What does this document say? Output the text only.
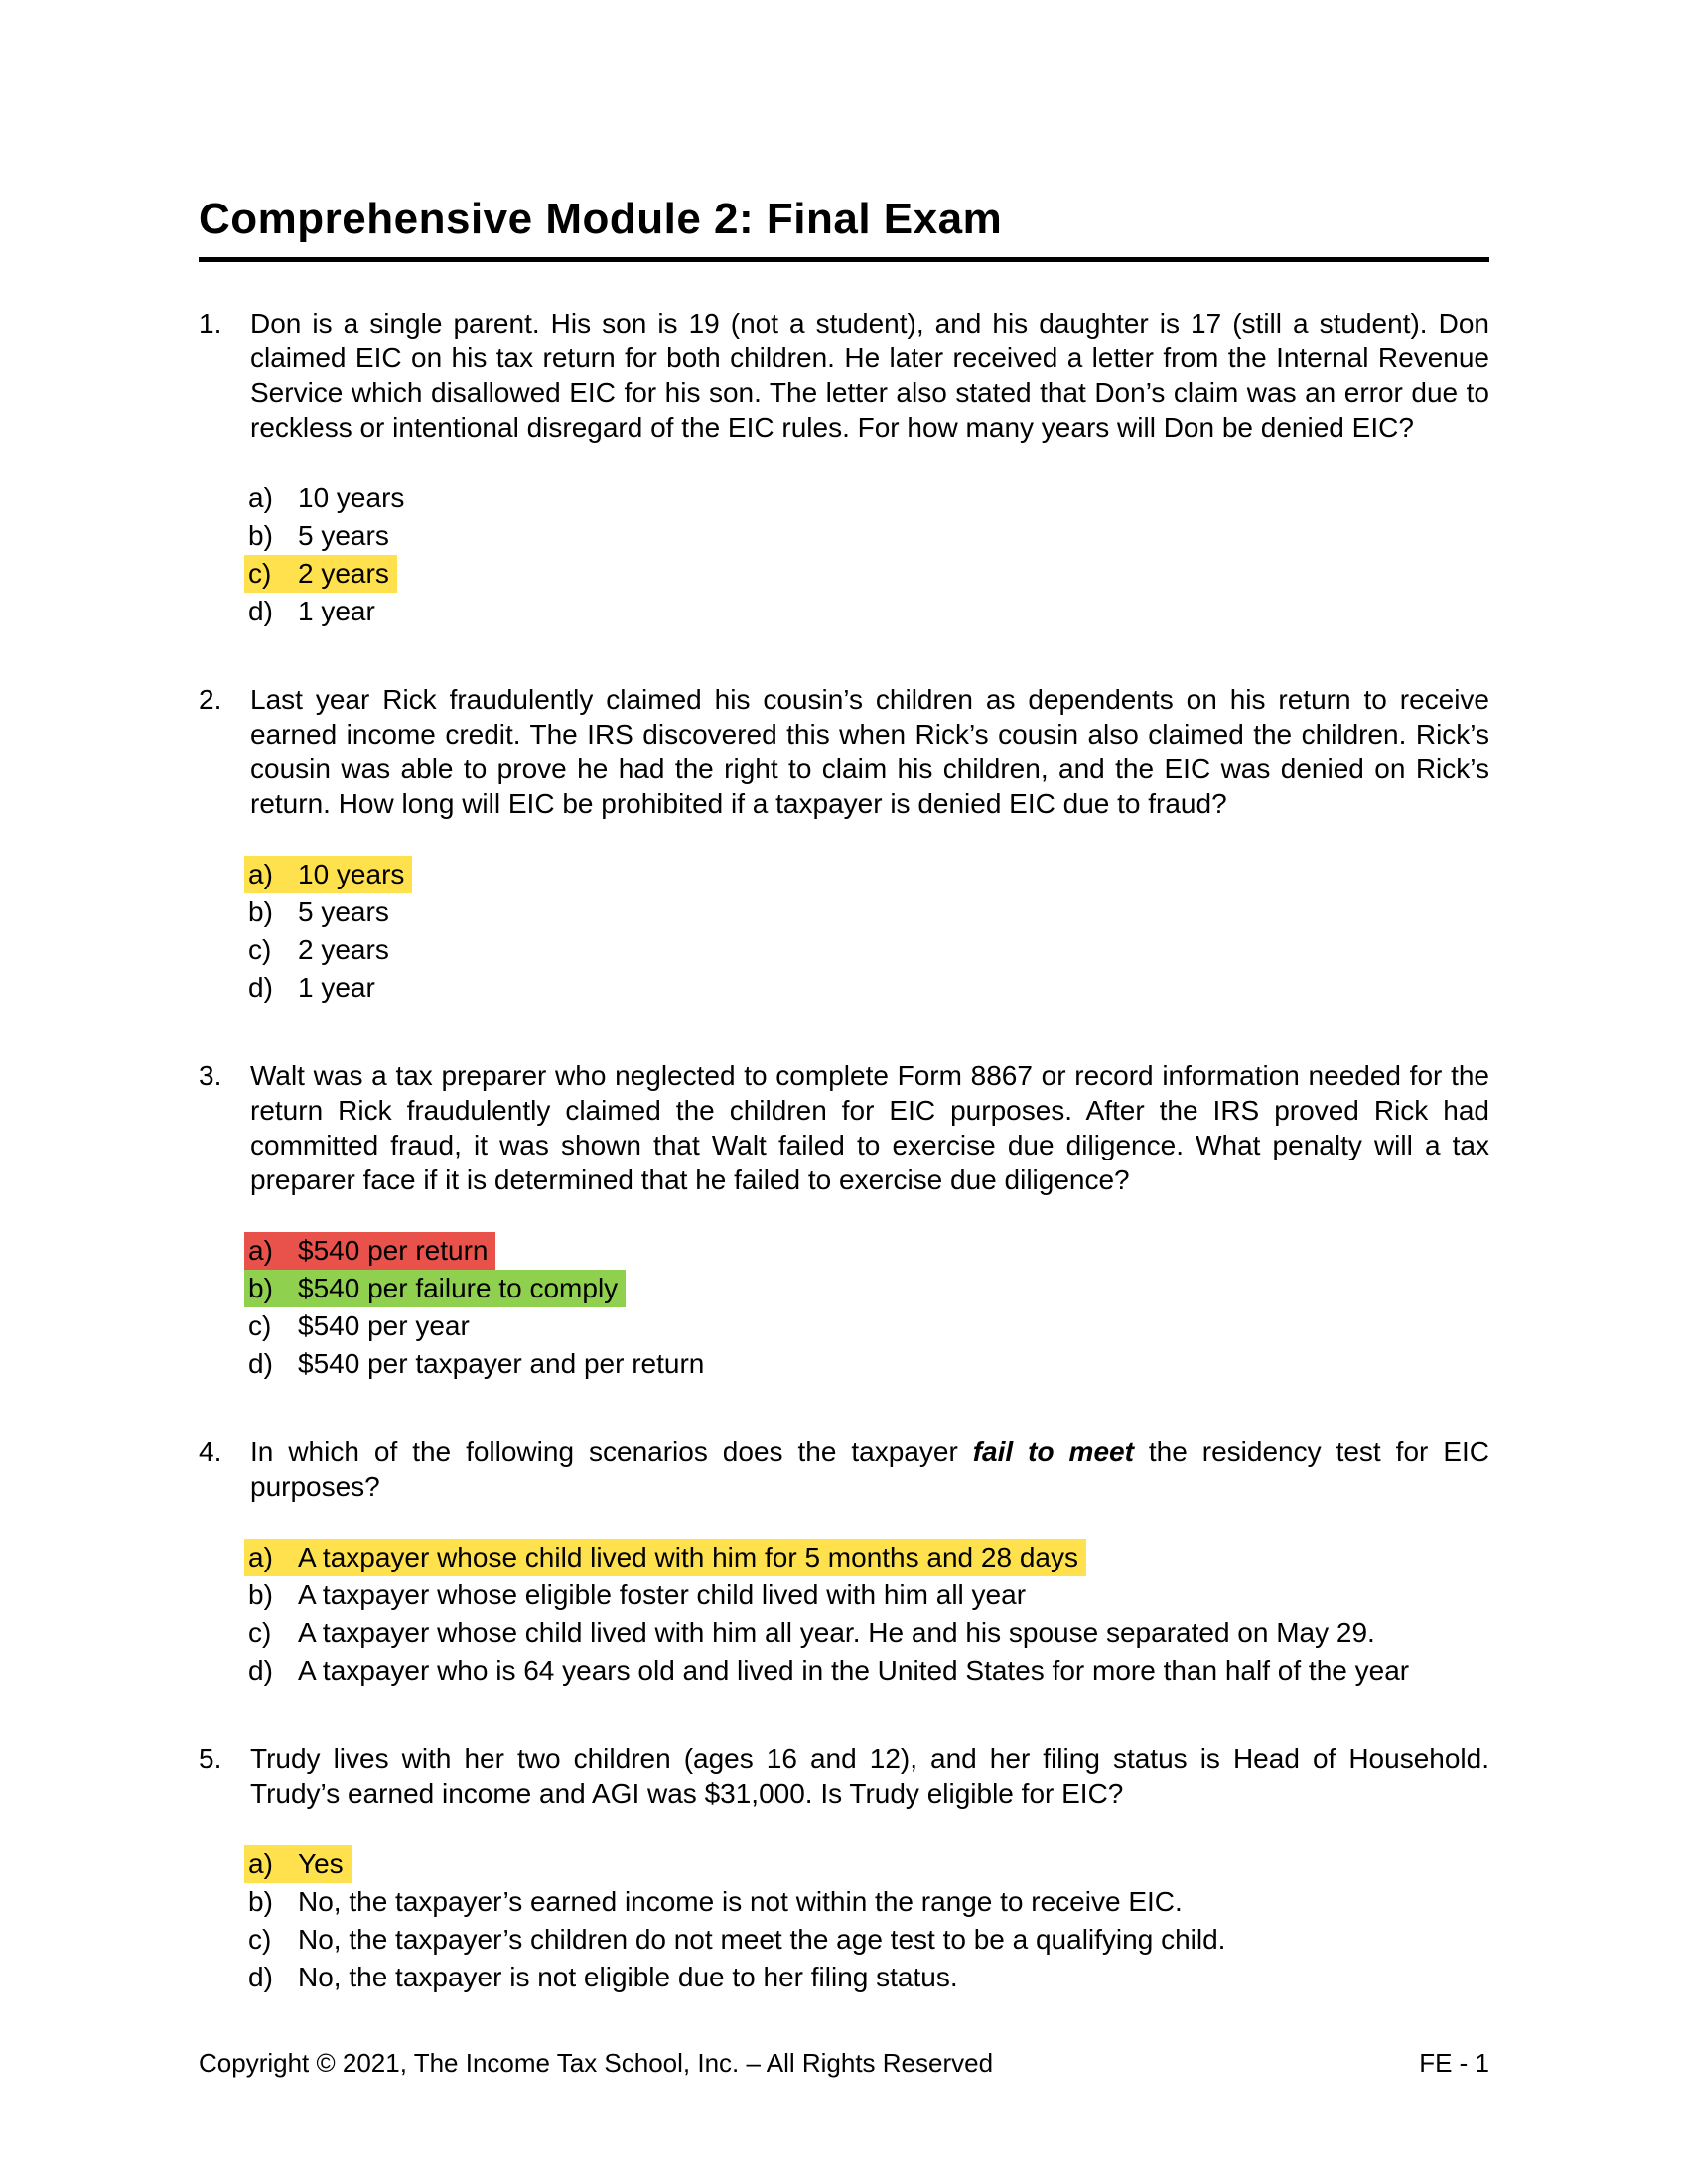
Comprehensive Module 2: Final Exam
1.	Don is a single parent. His son is 19 (not a student), and his daughter is 17 (still a student). Don claimed EIC on his tax return for both children. He later received a letter from the Internal Revenue Service which disallowed EIC for his son. The letter also stated that Don’s claim was an error due to reckless or intentional disregard of the EIC rules. For how many years will Don be denied EIC?
a) 10 years
b) 5 years
c) 2 years
d) 1 year
2.	Last year Rick fraudulently claimed his cousin’s children as dependents on his return to receive earned income credit. The IRS discovered this when Rick’s cousin also claimed the children. Rick’s cousin was able to prove he had the right to claim his children, and the EIC was denied on Rick’s return. How long will EIC be prohibited if a taxpayer is denied EIC due to fraud?
a) 10 years
b) 5 years
c) 2 years
d) 1 year
3.	Walt was a tax preparer who neglected to complete Form 8867 or record information needed for the return Rick fraudulently claimed the children for EIC purposes. After the IRS proved Rick had committed fraud, it was shown that Walt failed to exercise due diligence. What penalty will a tax preparer face if it is determined that he failed to exercise due diligence?
a) $540 per return
b) $540 per failure to comply
c) $540 per year
d) $540 per taxpayer and per return
4.	In which of the following scenarios does the taxpayer fail to meet the residency test for EIC purposes?
a) A taxpayer whose child lived with him for 5 months and 28 days
b) A taxpayer whose eligible foster child lived with him all year
c) A taxpayer whose child lived with him all year. He and his spouse separated on May 29.
d) A taxpayer who is 64 years old and lived in the United States for more than half of the year
5.	Trudy lives with her two children (ages 16 and 12), and her filing status is Head of Household. Trudy’s earned income and AGI was $31,000. Is Trudy eligible for EIC?
a) Yes
b) No, the taxpayer’s earned income is not within the range to receive EIC.
c) No, the taxpayer’s children do not meet the age test to be a qualifying child.
d) No, the taxpayer is not eligible due to her filing status.
Copyright © 2021, The Income Tax School, Inc. – All Rights Reserved	FE - 1
